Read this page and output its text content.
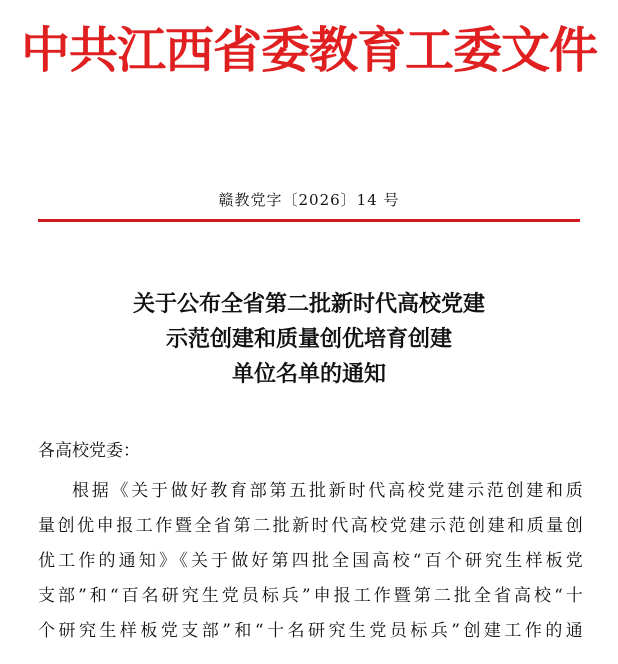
中共江西省委教育工委文件
赣教党字〔2026〕14 号
关于公布全省第二批新时代高校党建
示范创建和质量创优培育创建
单位名单的通知
各高校党委：
根据《关于做好教育部第五批新时代高校党建示范创建和质
量创优申报工作暨全省第二批新时代高校党建示范创建和质量创
优工作的通知》《关于做好第四批全国高校“百个研究生样板党
支部”和“百名研究生党员标兵”申报工作暨第二批全省高校“十
个研究生样板党支部”和“十名研究生党员标兵”创建工作的通
